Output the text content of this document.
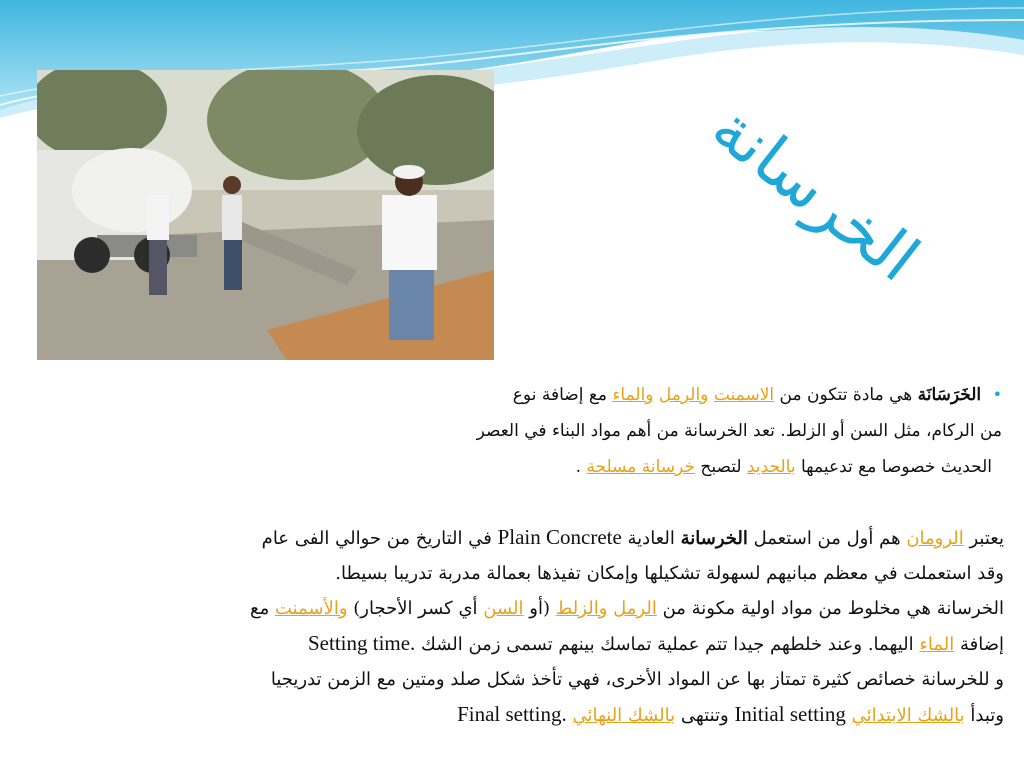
الخرسانة
• الخَرَسَانَة هي مادة تتكون من الاسمنت والرمل والماء مع إضافة نوع
من الركام، مثل السن أو الزلط. تعد الخرسانة من أهم مواد البناء في العصر
الحديث خصوصا مع تدعيمها بالحديد لتصبح خرسانة مسلحة .
يعتبر الرومان هم أول من استعمل الخرسانة العادية Plain Concrete في التاريخ من حوالي الفى عام
وقد استعملت في معظم مبانيهم لسهولة تشكيلها وإمكان تفيذها بعمالة مدربة تدريبا بسيطا.
الخرسانة هي مخلوط من مواد اولية مكونة من الرمل والزلط (أو السن أي كسر الأحجار) والأسمنت مع
إضافة الماء اليهما. وعند خلطهم جيدا تتم عملية تماسك بينهم تسمى زمن الشك Setting time.
و للخرسانة خصائص كثيرة تمتاز بها عن المواد الأخرى، فهي تأخذ شكل صلد ومتين مع الزمن تدريجيا
وتبدأ بالشك الابتدائي Initial setting وتنتهى بالشك النهائي Final setting.
